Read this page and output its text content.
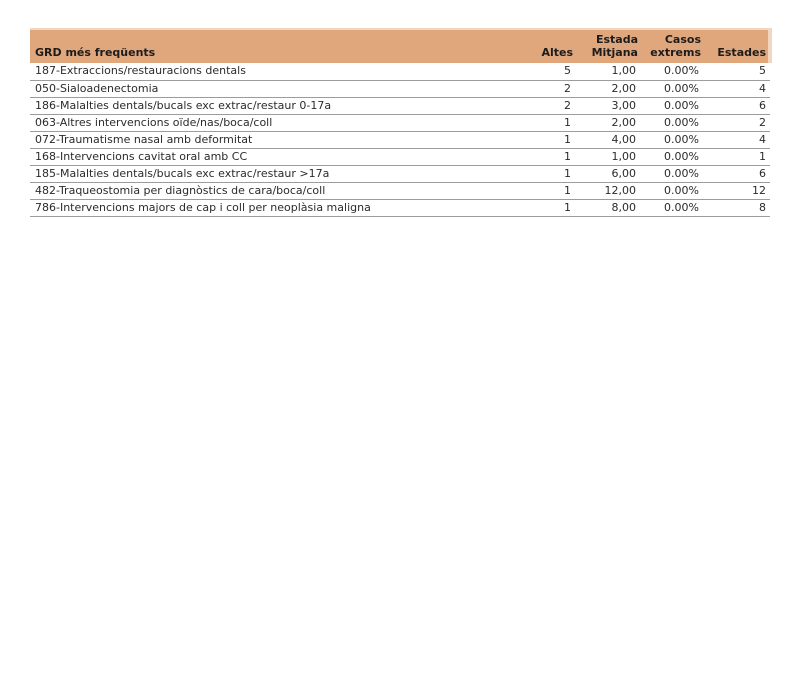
GRD més freqüents	Altes	Estada Mitjana	Casos extrems	Estades
187-Extraccions/restauracions dentals	5	1,00	0.00%	5
050-Sialoadenectomia	2	2,00	0.00%	4
186-Malalties dentals/bucals exc extrac/restaur 0-17a	2	3,00	0.00%	6
063-Altres intervencions oïde/nas/boca/coll	1	2,00	0.00%	2
072-Traumatisme nasal amb deformitat	1	4,00	0.00%	4
168-Intervencions cavitat oral amb CC	1	1,00	0.00%	1
185-Malalties dentals/bucals exc extrac/restaur >17a	1	6,00	0.00%	6
482-Traqueostomia per diagnòstics de cara/boca/coll	1	12,00	0.00%	12
786-Intervencions majors de cap i coll per neoplàsia maligna	1	8,00	0.00%	8
